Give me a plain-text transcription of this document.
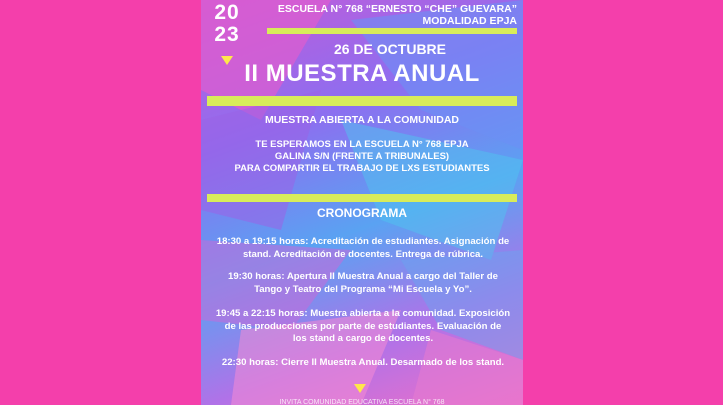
20
23
ESCUELA N° 768 “ERNESTO “CHE” GUEVARA”
MODALIDAD EPJA
26 DE OCTUBRE
II MUESTRA ANUAL
MUESTRA ABIERTA A LA COMUNIDAD
TE ESPERAMOS EN LA ESCUELA N° 768 EPJA
GALINA S/N (FRENTE A TRIBUNALES)
PARA COMPARTIR EL TRABAJO DE LXS ESTUDIANTES
CRONOGRAMA
18:30 a 19:15 horas: Acreditación de estudiantes. Asignación de
stand. Acreditación de docentes. Entrega de rúbrica.
19:30 horas: Apertura II Muestra Anual a cargo del Taller de
Tango y Teatro del Programa “Mi Escuela y Yo”.
19:45 a 22:15 horas: Muestra abierta a la comunidad. Exposición
de las producciones por parte de estudiantes. Evaluación de
los stand a cargo de docentes.
22:30 horas: Cierre II Muestra Anual. Desarmado de los stand.
INVITA COMUNIDAD EDUCATIVA ESCUELA N° 768
